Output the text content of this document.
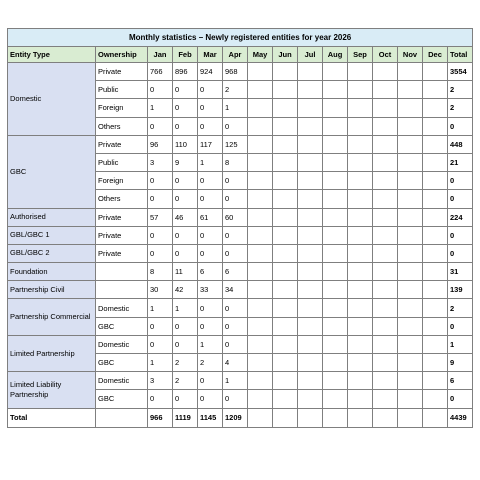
Monthly statistics – Newly registered entities for year 2026														
Entity Type	Ownership	Jan	Feb	Mar	Apr	May	Jun	Jul	Aug	Sep	Oct	Nov	Dec	Total
Domestic	Private	766	896	924	968									3554
	Public	0	0	0	2									2
	Foreign	1	0	0	1									2
	Others	0	0	0	0									0
GBC	Private	96	110	117	125									448
	Public	3	9	1	8									21
	Foreign	0	0	0	0									0
	Others	0	0	0	0									0
Authorised	Private	57	46	61	60									224
GBL/GBC 1	Private	0	0	0	0									0
GBL/GBC 2	Private	0	0	0	0									0
Foundation		8	11	6	6									31
Partnership Civil		30	42	33	34									139
Partnership Commercial	Domestic	1	1	0	0									2
	GBC	0	0	0	0									0
Limited Partnership	Domestic	0	0	1	0									1
	GBC	1	2	2	4									9
Limited Liability Partnership	Domestic	3	2	0	1									6
	GBC	0	0	0	0									0
Total		966	1119	1145	1209									4439
